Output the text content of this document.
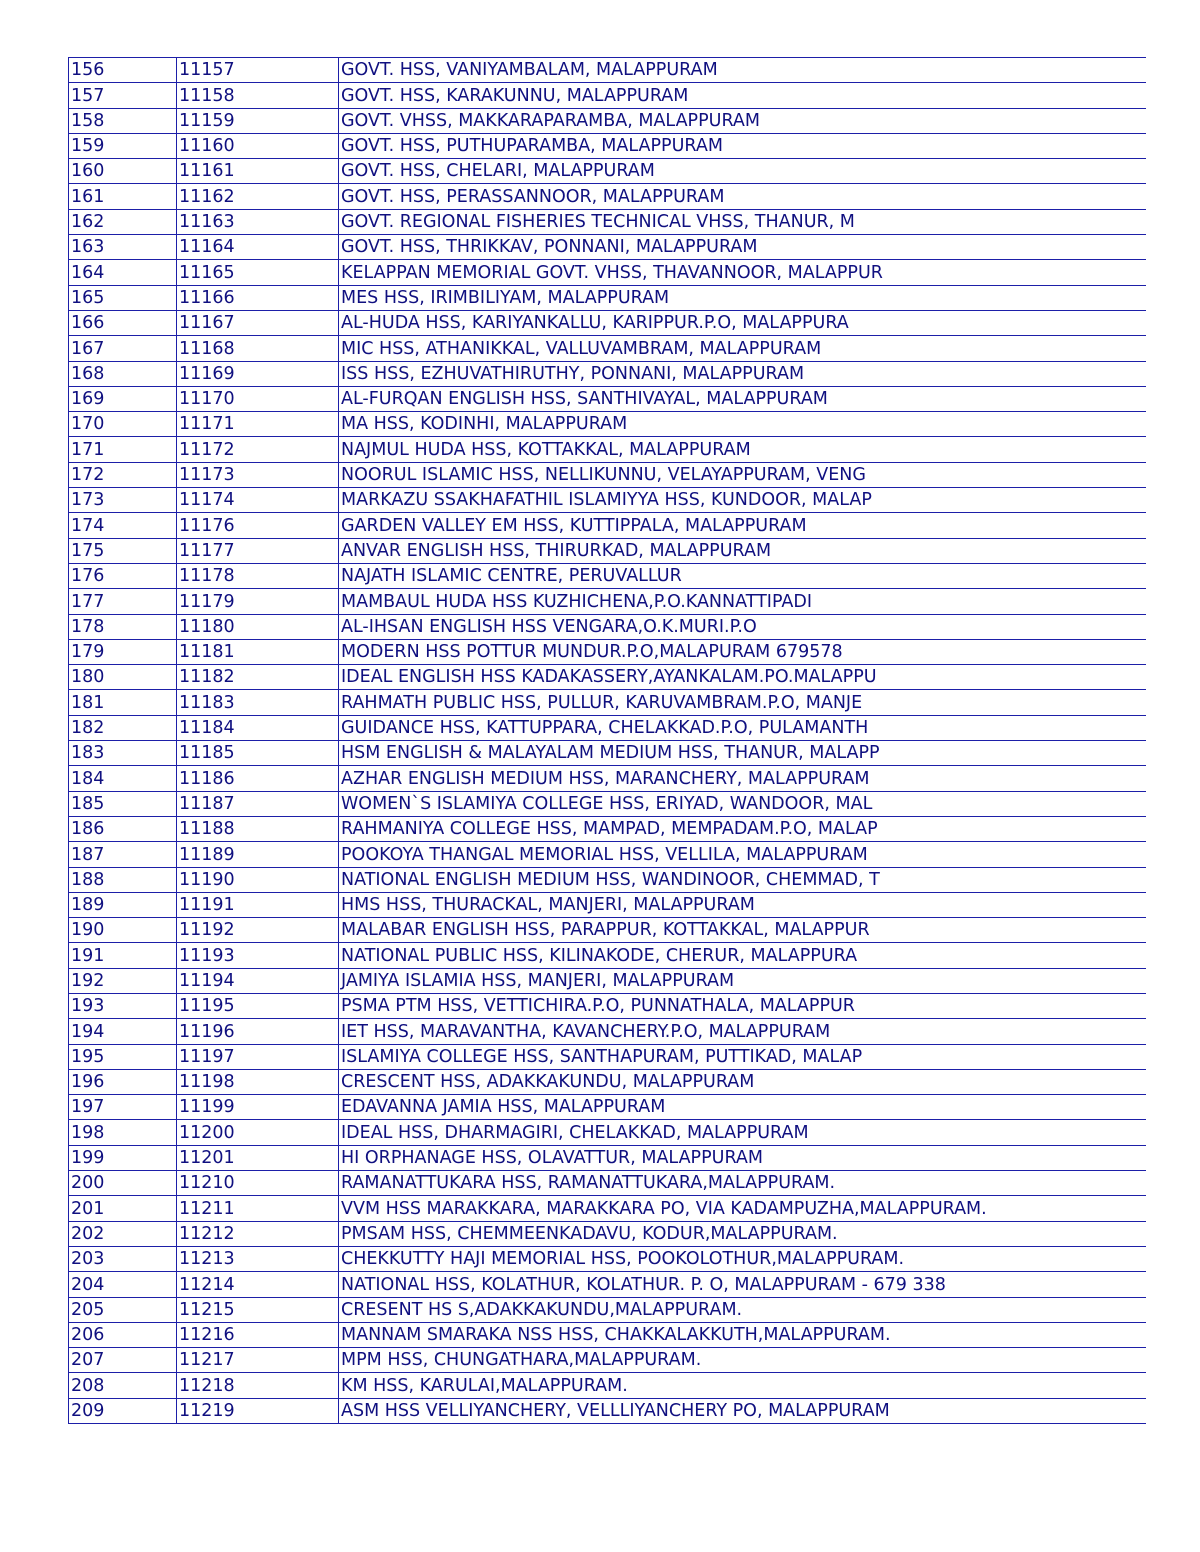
156	11157	GOVT. HSS, VANIYAMBALAM, MALAPPURAM
157	11158	GOVT. HSS, KARAKUNNU, MALAPPURAM
158	11159	GOVT. VHSS, MAKKARAPARAMBA, MALAPPURAM
159	11160	GOVT. HSS, PUTHUPARAMBA, MALAPPURAM
160	11161	GOVT. HSS, CHELARI, MALAPPURAM
161	11162	GOVT. HSS, PERASSANNOOR, MALAPPURAM
162	11163	GOVT. REGIONAL FISHERIES TECHNICAL VHSS, THANUR, M
163	11164	GOVT. HSS, THRIKKAV, PONNANI, MALAPPURAM
164	11165	KELAPPAN MEMORIAL GOVT. VHSS, THAVANNOOR, MALAPPUR
165	11166	MES HSS, IRIMBILIYAM, MALAPPURAM
166	11167	AL-HUDA HSS, KARIYANKALLU, KARIPPUR.P.O, MALAPPURA
167	11168	MIC HSS, ATHANIKKAL, VALLUVAMBRAM, MALAPPURAM
168	11169	ISS HSS, EZHUVATHIRUTHY, PONNANI, MALAPPURAM
169	11170	AL-FURQAN ENGLISH HSS, SANTHIVAYAL, MALAPPURAM
170	11171	MA HSS, KODINHI, MALAPPURAM
171	11172	NAJMUL HUDA HSS, KOTTAKKAL, MALAPPURAM
172	11173	NOORUL ISLAMIC HSS, NELLIKUNNU, VELAYAPPURAM, VENG
173	11174	MARKAZU SSAKHAFATHIL ISLAMIYYA HSS, KUNDOOR, MALAP
174	11176	GARDEN VALLEY EM HSS, KUTTIPPALA, MALAPPURAM
175	11177	ANVAR ENGLISH HSS, THIRURKAD, MALAPPURAM
176	11178	NAJATH ISLAMIC CENTRE, PERUVALLUR
177	11179	MAMBAUL HUDA HSS KUZHICHENA,P.O.KANNATTIPADI
178	11180	AL-IHSAN ENGLISH HSS VENGARA,O.K.MURI.P.O
179	11181	MODERN HSS POTTUR MUNDUR.P.O,MALAPURAM 679578
180	11182	IDEAL ENGLISH HSS KADAKASSERY,AYANKALAM.PO.MALAPPU
181	11183	RAHMATH PUBLIC HSS, PULLUR, KARUVAMBRAM.P.O, MANJE
182	11184	GUIDANCE HSS, KATTUPPARA, CHELAKKAD.P.O, PULAMANTH
183	11185	HSM ENGLISH & MALAYALAM MEDIUM HSS, THANUR, MALAPP
184	11186	AZHAR ENGLISH MEDIUM HSS, MARANCHERY, MALAPPURAM
185	11187	WOMEN`S ISLAMIYA COLLEGE HSS, ERIYAD, WANDOOR, MAL
186	11188	RAHMANIYA COLLEGE HSS, MAMPAD, MEMPADAM.P.O, MALAP
187	11189	POOKOYA THANGAL MEMORIAL HSS, VELLILA, MALAPPURAM
188	11190	NATIONAL ENGLISH MEDIUM HSS, WANDINOOR, CHEMMAD, T
189	11191	HMS HSS, THURACKAL, MANJERI, MALAPPURAM
190	11192	MALABAR ENGLISH HSS, PARAPPUR, KOTTAKKAL, MALAPPUR
191	11193	NATIONAL PUBLIC HSS, KILINAKODE, CHERUR, MALAPPURA
192	11194	JAMIYA ISLAMIA HSS, MANJERI, MALAPPURAM
193	11195	PSMA PTM HSS, VETTICHIRA.P.O, PUNNATHALA, MALAPPUR
194	11196	IET HSS, MARAVANTHA, KAVANCHERY.P.O, MALAPPURAM
195	11197	ISLAMIYA COLLEGE HSS, SANTHAPURAM, PUTTIKAD, MALAP
196	11198	CRESCENT HSS, ADAKKAKUNDU, MALAPPURAM
197	11199	EDAVANNA JAMIA HSS, MALAPPURAM
198	11200	IDEAL HSS, DHARMAGIRI, CHELAKKAD, MALAPPURAM
199	11201	HI ORPHANAGE HSS, OLAVATTUR, MALAPPURAM
200	11210	RAMANATTUKARA HSS, RAMANATTUKARA,MALAPPURAM.
201	11211	VVM HSS MARAKKARA, MARAKKARA PO, VIA KADAMPUZHA,MALAPPURAM.
202	11212	PMSAM HSS, CHEMMEENKADAVU, KODUR,MALAPPURAM.
203	11213	CHEKKUTTY HAJI MEMORIAL HSS, POOKOLOTHUR,MALAPPURAM.
204	11214	NATIONAL HSS, KOLATHUR, KOLATHUR. P. O, MALAPPURAM - 679 338
205	11215	CRESENT HS S,ADAKKAKUNDU,MALAPPURAM.
206	11216	MANNAM SMARAKA NSS HSS, CHAKKALAKKUTH,MALAPPURAM.
207	11217	MPM HSS, CHUNGATHARA,MALAPPURAM.
208	11218	KM HSS, KARULAI,MALAPPURAM.
209	11219	ASM HSS VELLIYANCHERY, VELLLIYANCHERY PO, MALAPPURAM
